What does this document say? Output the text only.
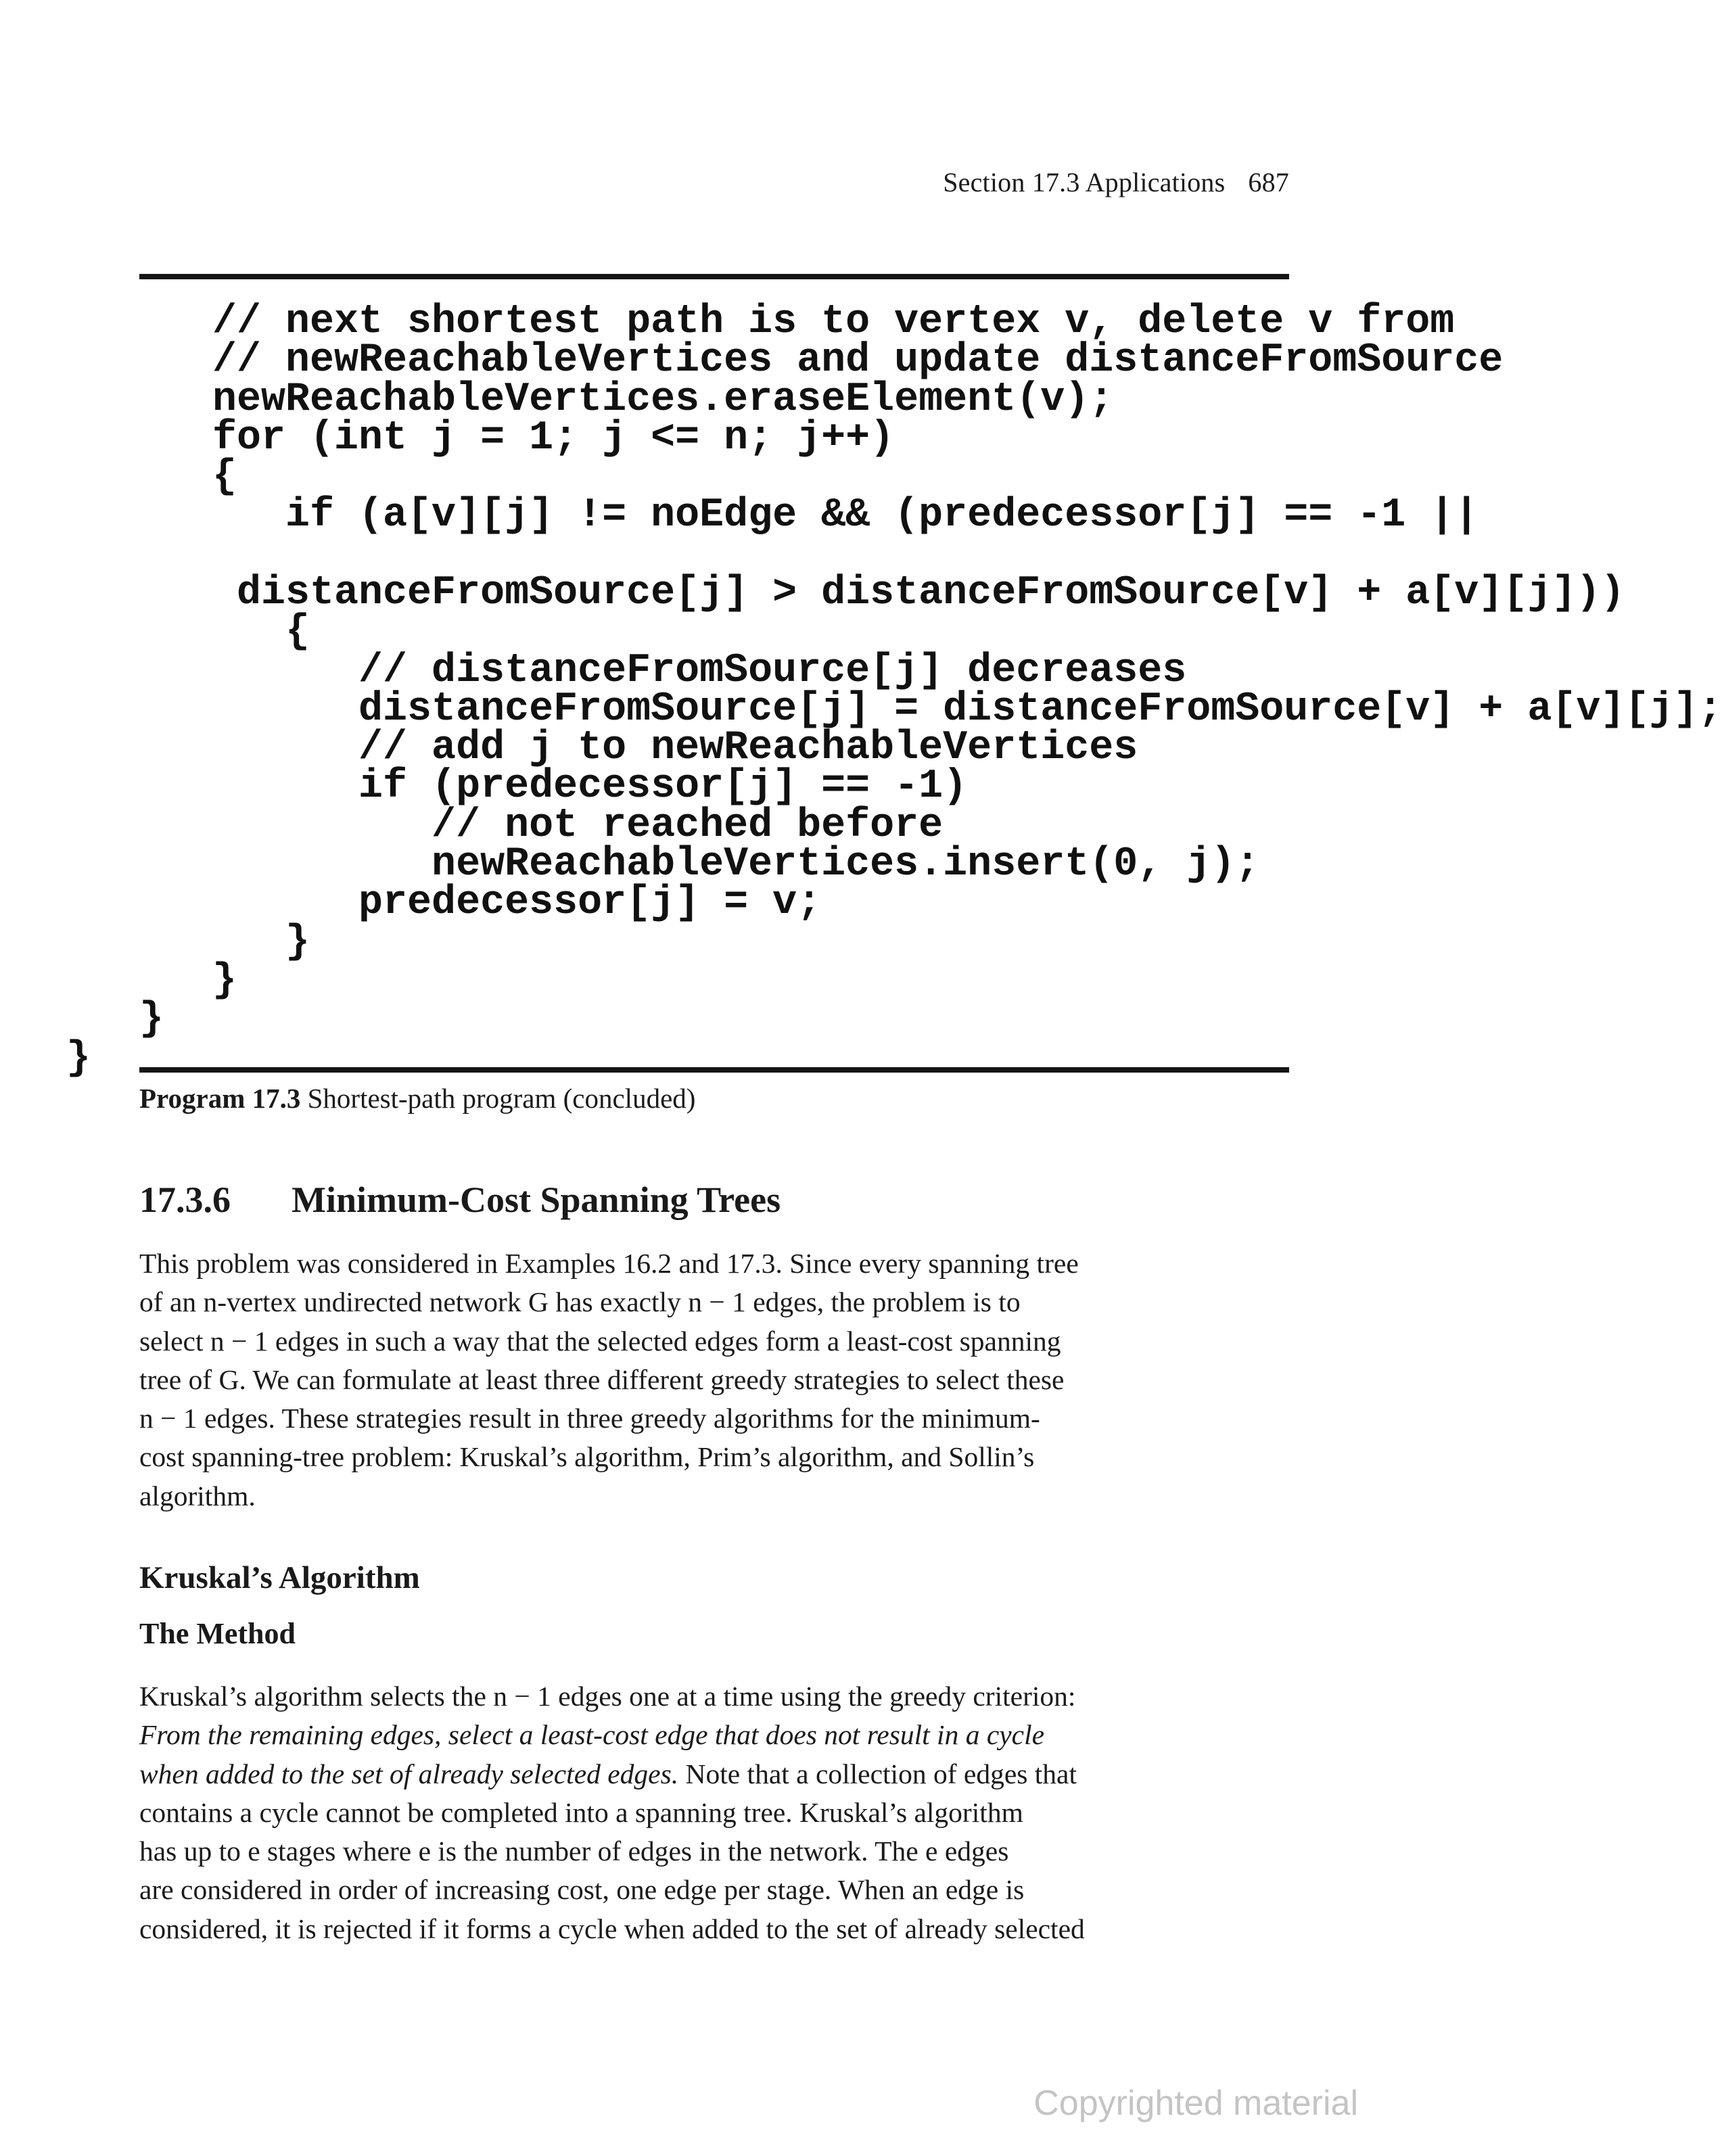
Section 17.3 Applications 687
// next shortest path is to vertex v, delete v from
// newReachableVertices and update distanceFromSource
newReachableVertices.eraseElement(v);
for (int j = 1; j <= n; j++)
{
if (a[v][j] != noEdge && (predecessor[j] == -1 ||
distanceFromSource[j] > distanceFromSource[v] + a[v][j]))
{
// distanceFromSource[j] decreases
distanceFromSource[j] = distanceFromSource[v] + a[v][j];
// add j to newReachableVertices
if (predecessor[j] == -1)
// not reached before
newReachableVertices.insert(0, j);
predecessor[j] = v;
}
}
}
}
Program 17.3 Shortest-path program (concluded)
17.3.6 Minimum-Cost Spanning Trees
This problem was considered in Examples 16.2 and 17.3. Since every spanning tree
of an n-vertex undirected network G has exactly n − 1 edges, the problem is to
select n − 1 edges in such a way that the selected edges form a least-cost spanning
tree of G. We can formulate at least three different greedy strategies to select these
n − 1 edges. These strategies result in three greedy algorithms for the minimum-
cost spanning-tree problem: Kruskal’s algorithm, Prim’s algorithm, and Sollin’s
algorithm.
Kruskal’s Algorithm
The Method
Kruskal’s algorithm selects the n − 1 edges one at a time using the greedy criterion:
From the remaining edges, select a least-cost edge that does not result in a cycle
when added to the set of already selected edges. Note that a collection of edges that
contains a cycle cannot be completed into a spanning tree. Kruskal’s algorithm
has up to e stages where e is the number of edges in the network. The e edges
are considered in order of increasing cost, one edge per stage. When an edge is
considered, it is rejected if it forms a cycle when added to the set of already selected
Copyrighted material
